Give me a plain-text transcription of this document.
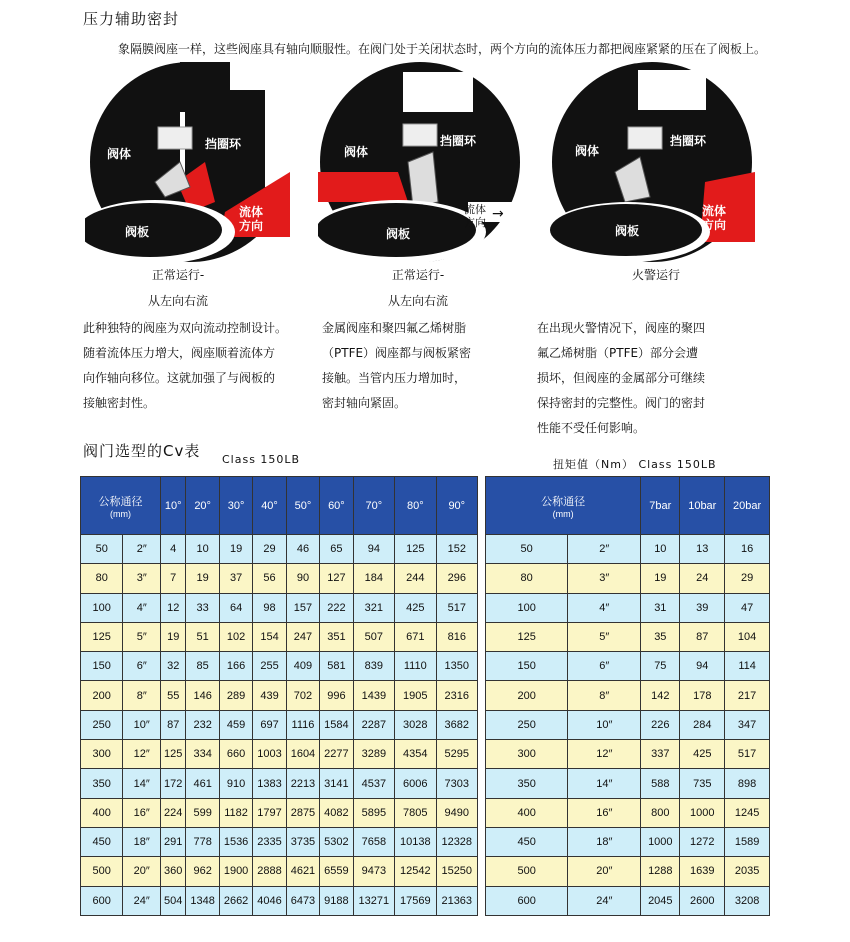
压力辅助密封
象隔膜阀座一样，这些阀座具有轴向顺服性。在阀门处于关闭状态时，两个方向的流体压力都把阀座紧紧的压在了阀板上。
阀体
挡圈环
阀板
流体方向
阀体
挡圈环
阀板
流体方向
→
阀体
挡圈环
阀板
流体方向
正常运行-
从左向右流
正常运行-
从左向右流
火警运行
此种独特的阀座为双向流动控制设计。
随着流体压力增大，阀座顺着流体方
向作轴向移位。这就加强了与阀板的
接触密封性。
金属阀座和聚四氟乙烯树脂
（PTFE）阀座都与阀板紧密
接触。当管内压力增加时，
密封轴向紧固。
在出现火警情况下，阀座的聚四
氟乙烯树脂（PTFE）部分会遭
损坏，但阀座的金属部分可继续
保持密封的完整性。阀门的密封
性能不受任何影响。
阀门选型的Cv表 Class 150LB
公称通径
(mm)		10°	20°	30°	40°	50°	60°	70°	80°	90°
50	2″	4	10	19	29	46	65	94	125	152
80	3″	7	19	37	56	90	127	184	244	296
100	4″	12	33	64	98	157	222	321	425	517
125	5″	19	51	102	154	247	351	507	671	816
150	6″	32	85	166	255	409	581	839	1110	1350
200	8″	55	146	289	439	702	996	1439	1905	2316
250	10″	87	232	459	697	1116	1584	2287	3028	3682
300	12″	125	334	660	1003	1604	2277	3289	4354	5295
350	14″	172	461	910	1383	2213	3141	4537	6006	7303
400	16″	224	599	1182	1797	2875	4082	5895	7805	9490
450	18″	291	778	1536	2335	3735	5302	7658	10138	12328
500	20″	360	962	1900	2888	4621	6559	9473	12542	15250
600	24″	504	1348	2662	4046	6473	9188	13271	17569	21363
扭矩值（Nm） Class 150LB
公称通径
(mm)		7bar	10bar	20bar
50	2″	10	13	16
80	3″	19	24	29
100	4″	31	39	47
125	5″	35	87	104
150	6″	75	94	114
200	8″	142	178	217
250	10″	226	284	347
300	12″	337	425	517
350	14″	588	735	898
400	16″	800	1000	1245
450	18″	1000	1272	1589
500	20″	1288	1639	2035
600	24″	2045	2600	3208
